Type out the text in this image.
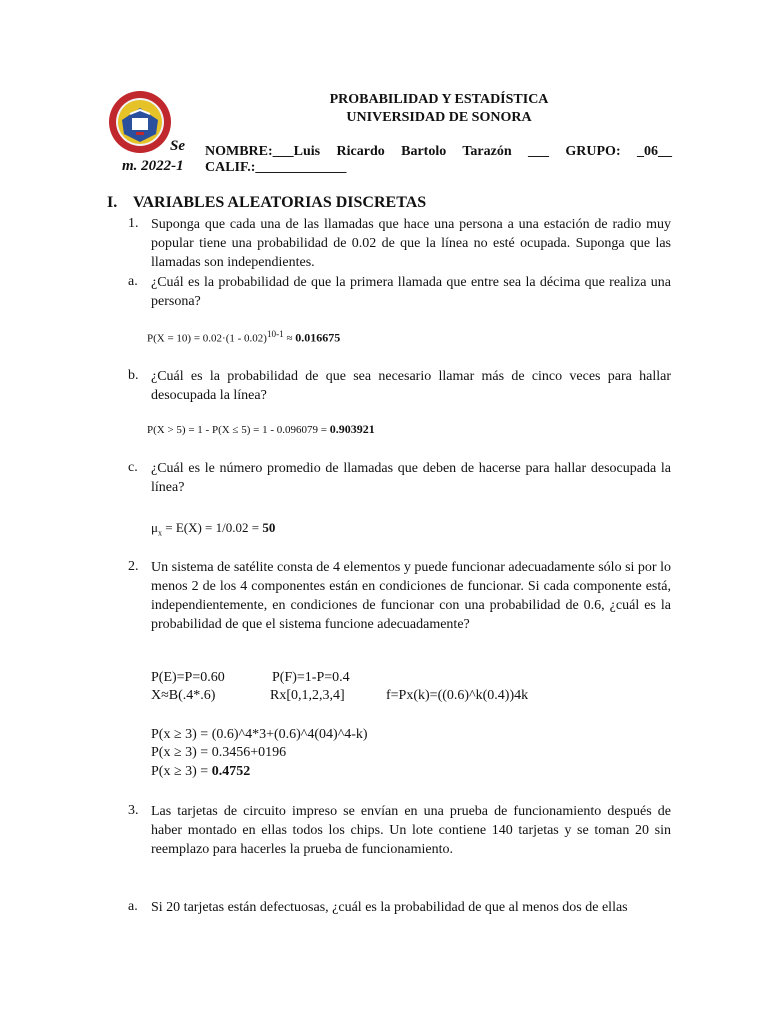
PROBABILIDAD Y ESTADÍSTICA
UNIVERSIDAD DE SONORA
Se
m. 2022-1
NOMBRE:___Luis Ricardo Bartolo Tarazón ___ GRUPO: _06__
CALIF.:_____________
I. VARIABLES ALEATORIAS DISCRETAS
1. Suponga que cada una de las llamadas que hace una persona a una estación de radio muy popular tiene una probabilidad de 0.02 de que la línea no esté ocupada. Suponga que las llamadas son independientes.
a. ¿Cuál es la probabilidad de que la primera llamada que entre sea la décima que realiza una persona?
P(X = 10) = 0.02·(1 - 0.02)$^{10-1}$ ≈ 0.016675
b. ¿Cuál es la probabilidad de que sea necesario llamar más de cinco veces para hallar desocupada la línea?
P(X > 5) = 1 - P(X ≤ 5) = 1 - 0.096079 = 0.903921
c. ¿Cuál es le número promedio de llamadas que deben de hacerse para hallar desocupada la línea?
$\mu_x = E(X) = 1/0.02 = 50$
2. Un sistema de satélite consta de 4 elementos y puede funcionar adecuadamente sólo si por lo menos 2 de los 4 componentes están en condiciones de funcionar. Si cada componente está, independientemente, en condiciones de funcionar con una probabilidad de 0.6, ¿cuál es la probabilidad de que el sistema funcione adecuadamente?
P(E)=P=0.60	P(F)=1-P=0.4
X≈B(.4*.6)	Rx[0,1,2,3,4]	f=Px(k)=((0.6)^k(0.4))4k
P(x ≥ 3) = (0.6)^4*3+(0.6)^4(04)^4-k)
P(x ≥ 3) = 0.3456+0196
P(x ≥ 3) = 0.4752
3. Las tarjetas de circuito impreso se envían en una prueba de funcionamiento después de haber montado en ellas todos los chips. Un lote contiene 140 tarjetas y se toman 20 sin reemplazo para hacerles la prueba de funcionamiento.
a. Si 20 tarjetas están defectuosas, ¿cuál es la probabilidad de que al menos dos de ellas
